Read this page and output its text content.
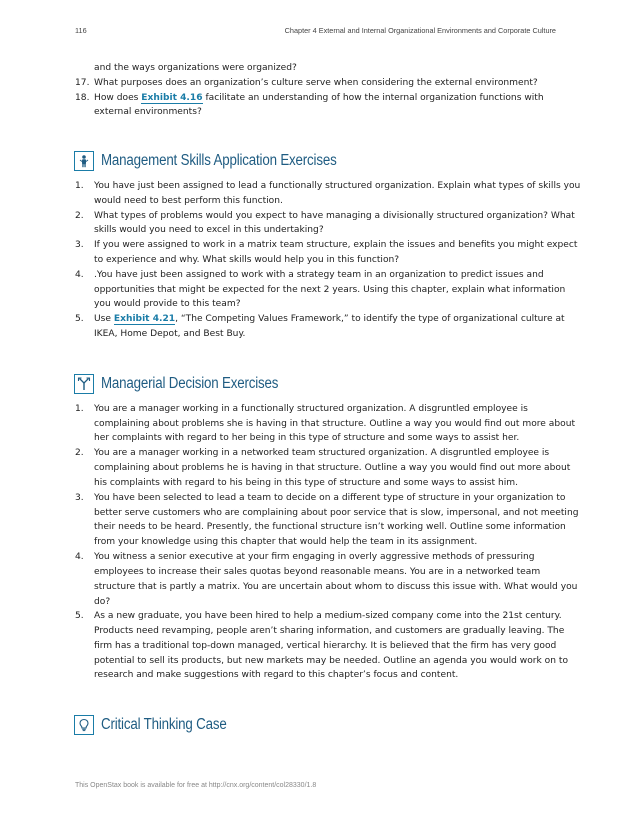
116	Chapter 4 External and Internal Organizational Environments and Corporate Culture
and the ways organizations were organized?
17. What purposes does an organization’s culture serve when considering the external environment?
18. How does Exhibit 4.16 facilitate an understanding of how the internal organization functions with
external environments?
Management Skills Application Exercises
1. You have just been assigned to lead a functionally structured organization. Explain what types of skills you
would need to best perform this function.
2. What types of problems would you expect to have managing a divisionally structured organization? What
skills would you need to excel in this undertaking?
3. If you were assigned to work in a matrix team structure, explain the issues and benefits you might expect
to experience and why. What skills would help you in this function?
4. .You have just been assigned to work with a strategy team in an organization to predict issues and
opportunities that might be expected for the next 2 years. Using this chapter, explain what information
you would provide to this team?
5. Use Exhibit 4.21, “The Competing Values Framework,” to identify the type of organizational culture at
IKEA, Home Depot, and Best Buy.
Managerial Decision Exercises
1. You are a manager working in a functionally structured organization. A disgruntled employee is
complaining about problems she is having in that structure. Outline a way you would find out more about
her complaints with regard to her being in this type of structure and some ways to assist her.
2. You are a manager working in a networked team structured organization. A disgruntled employee is
complaining about problems he is having in that structure. Outline a way you would find out more about
his complaints with regard to his being in this type of structure and some ways to assist him.
3. You have been selected to lead a team to decide on a different type of structure in your organization to
better serve customers who are complaining about poor service that is slow, impersonal, and not meeting
their needs to be heard. Presently, the functional structure isn’t working well. Outline some information
from your knowledge using this chapter that would help the team in its assignment.
4. You witness a senior executive at your firm engaging in overly aggressive methods of pressuring
employees to increase their sales quotas beyond reasonable means. You are in a networked team
structure that is partly a matrix. You are uncertain about whom to discuss this issue with. What would you
do?
5. As a new graduate, you have been hired to help a medium-sized company come into the 21st century.
Products need revamping, people aren’t sharing information, and customers are gradually leaving. The
firm has a traditional top-down managed, vertical hierarchy. It is believed that the firm has very good
potential to sell its products, but new markets may be needed. Outline an agenda you would work on to
research and make suggestions with regard to this chapter’s focus and content.
Critical Thinking Case
This OpenStax book is available for free at http://cnx.org/content/col28330/1.8
